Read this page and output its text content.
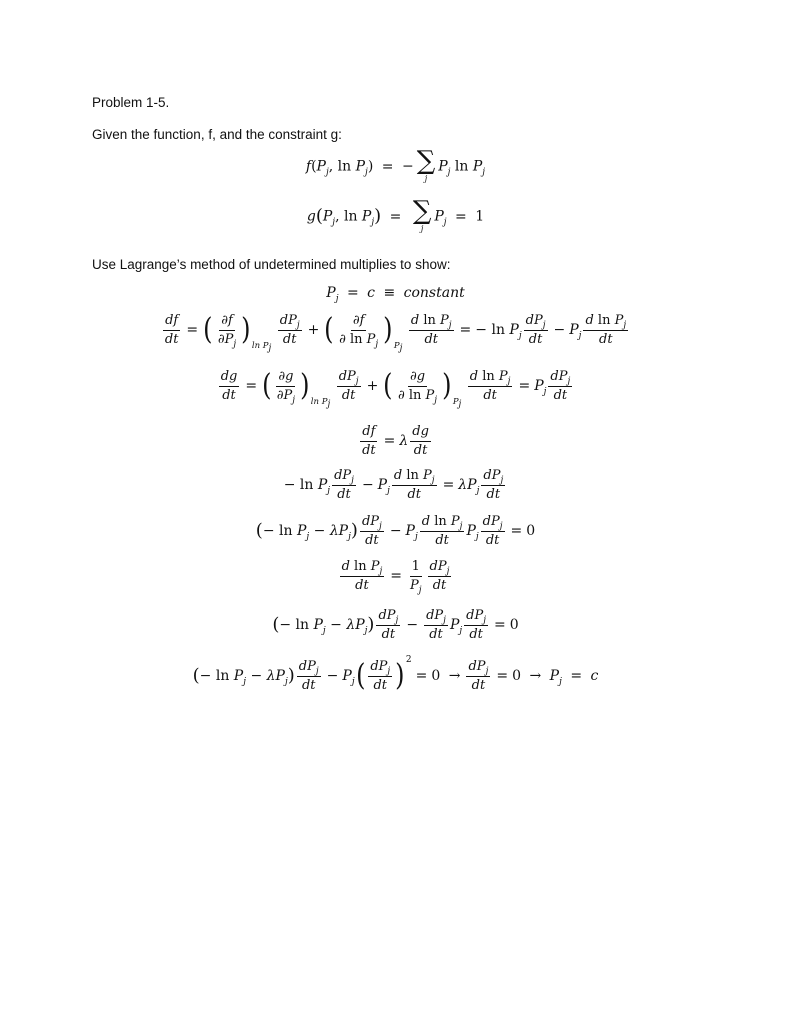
Problem 1-5.
Given the function, f, and the constraint g:
$f(P_j$, $\ln P_j$) = − ∑
j
$P_j$ $\ln P_j$
$g(P_j$, $\ln P_j$) = ∑
j
$P_j = 1$
Use Lagrange’s method of undetermined multiplies to show:
$P_j = c$ ≡ constant
$\frac{df}{dt}$ = ( $\frac{\partial f}{\partial P_j} )\ln$ $P_j$
$\frac{dP_j}{dt}$ + ( $\frac{\partial f}{\partial \ln P_j} )P_j$
$\frac{d \ln P_j}{dt}$ = − $\ln P_j \frac{dP_j}{dt} - P_j \frac{d \ln P_j}{dt}$
$\frac{dg}{dt}$ = ( $\frac{\partial g}{\partial P_j} )\ln$ $P_j$
$\frac{dP_j}{dt}$ + ( $\frac{\partial g}{\partial \ln P_j} )P_j$
$\frac{d \ln P_j}{dt} = P_j \frac{dP_j}{dt}$
$\frac{df}{dt} = \lambda \frac{dg}{dt}$
− $\ln P_j \frac{dP_j}{dt} - P_j \frac{d \ln P_j}{dt} = \lambda P_j \frac{dP_j}{dt}$
(− $\ln P_j - \lambda P_j) \frac{dP_j}{dt} - P_j \frac{d \ln P_j}{dt} P_j \frac{dP_j}{dt} = 0$
$\frac{d \ln P_j}{dt} = \frac{1}{P_j} \frac{dP_j}{dt}$
(− $\ln P_j - \lambda P_j) \frac{dP_j}{dt} - \frac{dP_j}{dt} P_j \frac{dP_j}{dt} = 0$
(− $\ln P_j - \lambda P_j) \frac{dP_j}{dt} - P_j( \frac{dP_j}{dt} )2= 0 \to \frac{dP_j}{dt} = 0 \to P_j = c$
